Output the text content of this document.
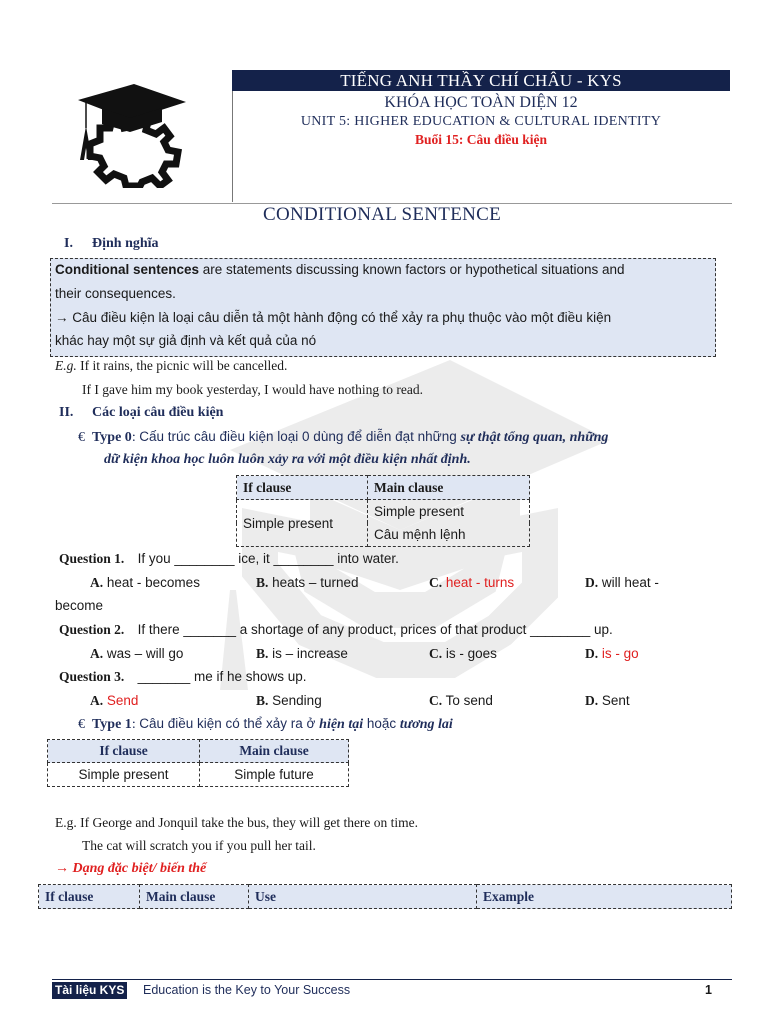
TIẾNG ANH THẦY CHÍ CHÂU - KYS
KHÓA HỌC TOÀN DIỆN 12
UNIT 5: HIGHER EDUCATION & CULTURAL IDENTITY
Buổi 15: Câu điều kiện
CONDITIONAL SENTENCE
I. Định nghĩa
Conditional sentences are statements discussing known factors or hypothetical situations and
their consequences.
→ Câu điều kiện là loại câu diễn tả một hành động có thể xảy ra phụ thuộc vào một điều kiện
khác hay một sự giả định và kết quả của nó
E.g. If it rains, the picnic will be cancelled.
If I gave him my book yesterday, I would have nothing to read.
II. Các loại câu điều kiện
€ Type 0: Cấu trúc câu điều kiện loại 0 dùng để diễn đạt những sự thật tổng quan, những
dữ kiện khoa học luôn luôn xảy ra với một điều kiện nhất định.
If clause	Main clause
Simple present	Simple present
	Câu mệnh lệnh
Question 1. If you ________ ice, it ________ into water.
A. heat - becomes	B. heats – turned	C. heat - turns	D. will heat -
become
Question 2. If there _______ a shortage of any product, prices of that product ________ up.
A. was – will go	B. is – increase	C. is - goes	D. is - go
Question 3. _______ me if he shows up.
A. Send	B. Sending	C. To send	D. Sent
€ Type 1: Câu điều kiện có thể xảy ra ở hiện tại hoặc tương lai
If clause	Main clause
Simple present	Simple future
E.g. If George and Jonquil take the bus, they will get there on time.
The cat will scratch you if you pull her tail.
→ Dạng đặc biệt/ biến thể
If clause	Main clause	Use	Example
Tài liệu KYS Education is the Key to Your Success	1
